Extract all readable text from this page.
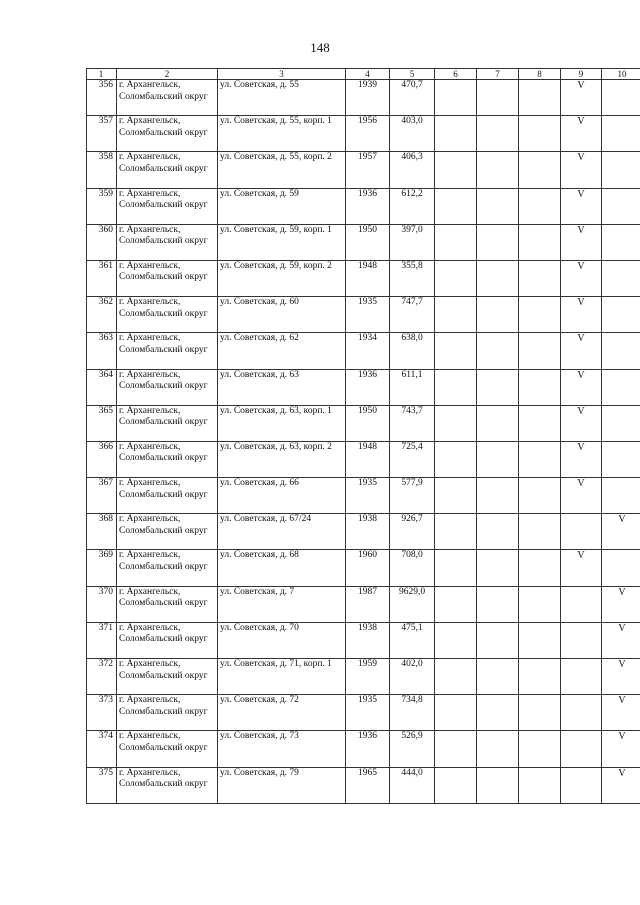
148
1	2	3	4	5	6	7	8	9	10
356	г. Архангельск, Соломбальский округ	ул. Советская, д. 55	1939	470,7				V	
357	г. Архангельск, Соломбальский округ	ул. Советская, д. 55, корп. 1	1956	403,0				V	
358	г. Архангельск, Соломбальский округ	ул. Советская, д. 55, корп. 2	1957	406,3				V	
359	г. Архангельск, Соломбальский округ	ул. Советская, д. 59	1936	612,2				V	
360	г. Архангельск, Соломбальский округ	ул. Советская, д. 59, корп. 1	1950	397,0				V	
361	г. Архангельск, Соломбальский округ	ул. Советская, д. 59, корп. 2	1948	355,8				V	
362	г. Архангельск, Соломбальский округ	ул. Советская, д. 60	1935	747,7				V	
363	г. Архангельск, Соломбальский округ	ул. Советская, д. 62	1934	638,0				V	
364	г. Архангельск, Соломбальский округ	ул. Советская, д. 63	1936	611,1				V	
365	г. Архангельск, Соломбальский округ	ул. Советская, д. 63, корп. 1	1950	743,7				V	
366	г. Архангельск, Соломбальский округ	ул. Советская, д. 63, корп. 2	1948	725,4				V	
367	г. Архангельск, Соломбальский округ	ул. Советская, д. 66	1935	577,9				V	
368	г. Архангельск, Соломбальский округ	ул. Советская, д. 67/24	1938	926,7					V
369	г. Архангельск, Соломбальский округ	ул. Советская, д. 68	1960	708,0				V	
370	г. Архангельск, Соломбальский округ	ул. Советская, д. 7	1987	9629,0					V
371	г. Архангельск, Соломбальский округ	ул. Советская, д. 70	1938	475,1					V
372	г. Архангельск, Соломбальский округ	ул. Советская, д. 71, корп. 1	1959	402,0					V
373	г. Архангельск, Соломбальский округ	ул. Советская, д. 72	1935	734,8					V
374	г. Архангельск, Соломбальский округ	ул. Советская, д. 73	1936	526,9					V
375	г. Архангельск, Соломбальский округ	ул. Советская, д. 79	1965	444,0					V
